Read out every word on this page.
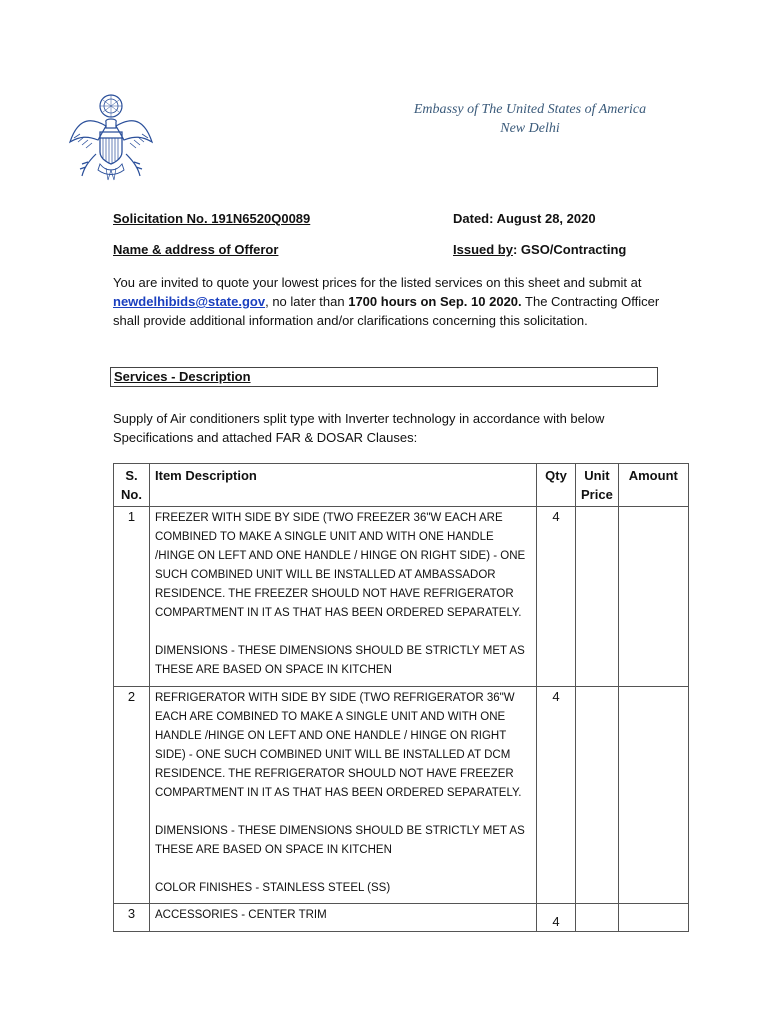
Embassy of The United States of America
New Delhi
Solicitation No. 191N6520Q0089	Dated: August 28, 2020
Name & address of Offeror	Issued by: GSO/Contracting
You are invited to quote your lowest prices for the listed services on this sheet and submit at newdelhibids@state.gov, no later than 1700 hours on Sep. 10 2020. The Contracting Officer shall provide additional information and/or clarifications concerning this solicitation.
Services - Description
Supply of Air conditioners split type with Inverter technology in accordance with below Specifications and attached FAR & DOSAR Clauses:
S. No.	Item Description	Qty	Unit Price	Amount
1	FREEZER WITH SIDE BY SIDE (TWO FREEZER 36"W EACH ARE COMBINED TO MAKE A SINGLE UNIT AND WITH ONE HANDLE /HINGE ON LEFT AND ONE HANDLE / HINGE ON RIGHT SIDE) - ONE SUCH COMBINED UNIT WILL BE INSTALLED AT AMBASSADOR RESIDENCE. THE FREEZER SHOULD NOT HAVE REFRIGERATOR COMPARTMENT IN IT AS THAT HAS BEEN ORDERED SEPARATELY.

DIMENSIONS - THESE DIMENSIONS SHOULD BE STRICTLY MET AS THESE ARE BASED ON SPACE IN KITCHEN	4		
2	REFRIGERATOR WITH SIDE BY SIDE (TWO REFRIGERATOR 36"W EACH ARE COMBINED TO MAKE A SINGLE UNIT AND WITH ONE HANDLE /HINGE ON LEFT AND ONE HANDLE / HINGE ON RIGHT SIDE) - ONE SUCH COMBINED UNIT WILL BE INSTALLED AT DCM RESIDENCE. THE REFRIGERATOR SHOULD NOT HAVE FREEZER COMPARTMENT IN IT AS THAT HAS BEEN ORDERED SEPARATELY.

DIMENSIONS - THESE DIMENSIONS SHOULD BE STRICTLY MET AS THESE ARE BASED ON SPACE IN KITCHEN

COLOR FINISHES - STAINLESS STEEL (SS)	4		
3	ACCESSORIES - CENTER TRIM	4		
